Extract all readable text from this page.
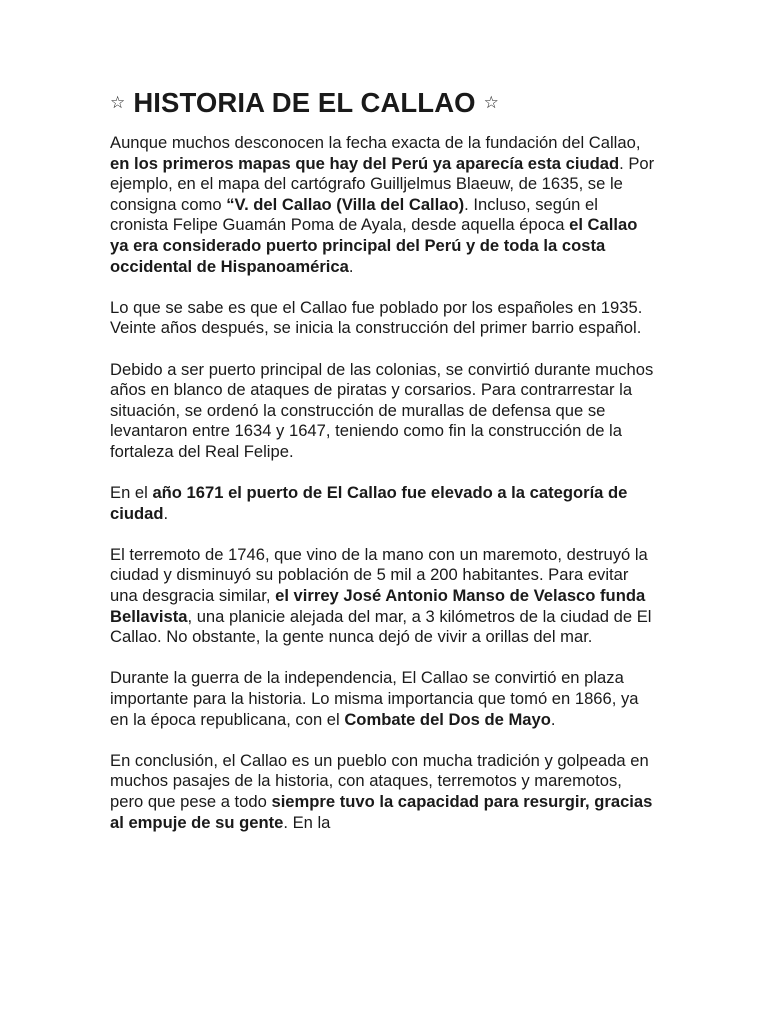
☆ HISTORIA DE EL CALLAO ☆

Aunque muchos desconocen la fecha exacta de la fundación del Callao, en los primeros mapas que hay del Perú ya aparecía esta ciudad. Por ejemplo, en el mapa del cartógrafo Guilljelmus Blaeuw, de 1635, se le consigna como “V. del Callao (Villa del Callao). Incluso, según el cronista Felipe Guamán Poma de Ayala, desde aquella época el Callao ya era considerado puerto principal del Perú y de toda la costa occidental de Hispanoamérica.

Lo que se sabe es que el Callao fue poblado por los españoles en 1935. Veinte años después, se inicia la construcción del primer barrio español.

Debido a ser puerto principal de las colonias, se convirtió durante muchos años en blanco de ataques de piratas y corsarios. Para contrarrestar la situación, se ordenó la construcción de murallas de defensa que se levantaron entre 1634 y 1647, teniendo como fin la construcción de la fortaleza del Real Felipe.

En el año 1671 el puerto de El Callao fue elevado a la categoría de ciudad.

El terremoto de 1746, que vino de la mano con un maremoto, destruyó la ciudad y disminuyó su población de 5 mil a 200 habitantes. Para evitar una desgracia similar, el virrey José Antonio Manso de Velasco funda Bellavista, una planicie alejada del mar, a 3 kilómetros de la ciudad de El Callao. No obstante, la gente nunca dejó de vivir a orillas del mar.

Durante la guerra de la independencia, El Callao se convirtió en plaza importante para la historia. Lo misma importancia que tomó en 1866, ya en la época republicana, con el Combate del Dos de Mayo.

En conclusión, el Callao es un pueblo con mucha tradición y golpeada en muchos pasajes de la historia, con ataques, terremotos y maremotos, pero que pese a todo siempre tuvo la capacidad para resurgir, gracias al empuje de su gente. En la
